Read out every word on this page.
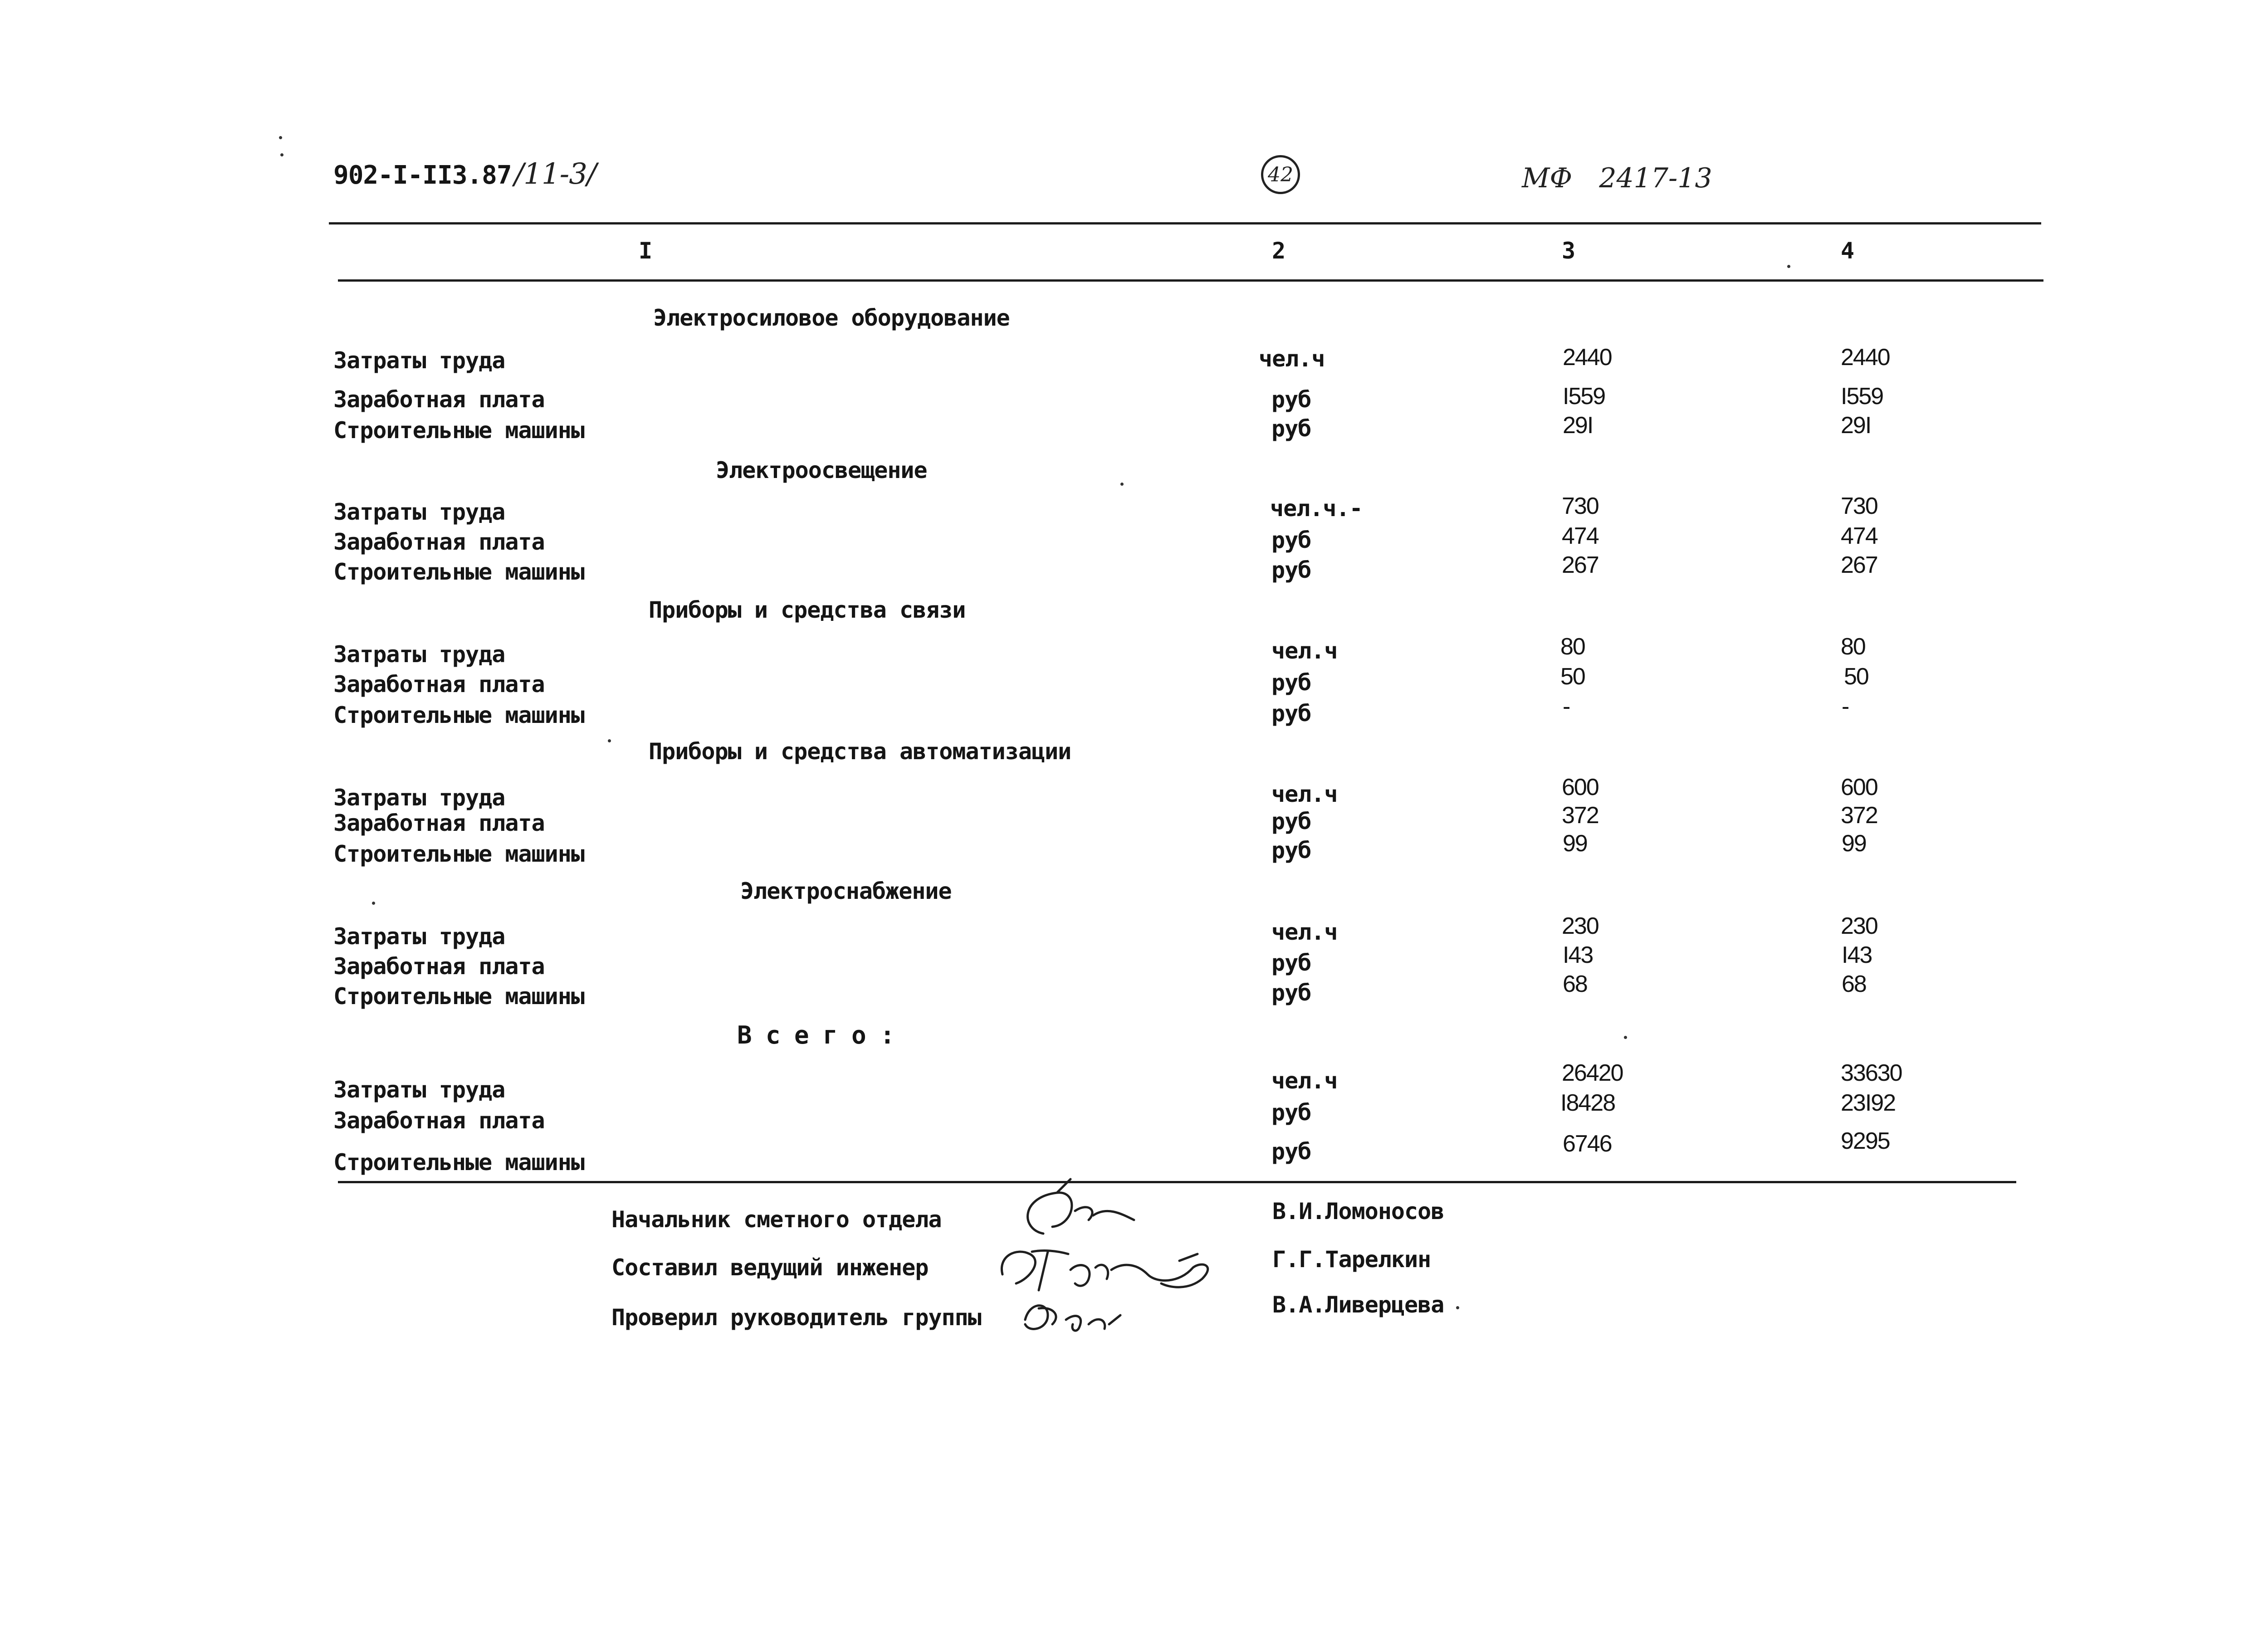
902-I-II3.87/11-3/	42	МФ 2417-13
I	2	3	4
Электросиловое оборудование
Затраты труда	чел.ч	2440	2440
Заработная плата	руб	I559	I559
Строительные машины	руб	29I	29I
Электроосвещение
Затраты труда	чел.ч.-	730	730
Заработная плата	руб	474	474
Строительные машины	руб	267	267
Приборы и средства связи
Затраты труда	чел.ч	80	80
Заработная плата	руб	50	50
Строительные машины	руб	-	-
Приборы и средства автоматизации
Затраты труда	чел.ч	600	600
Заработная плата	руб	372	372
Строительные машины	руб	99	99
Электроснабжение
Затраты труда	чел.ч	230	230
Заработная плата	руб	I43	I43
Строительные машины	руб	68	68
В с е г о :
Затраты труда	чел.ч	26420	33630
Заработная плата	руб	I8428	23I92
Строительные машины	руб	6746	9295
Начальник сметного отдела	В.И.Ломоносов
Составил ведущий инженер	Г.Г.Тарелкин
Проверил руководитель группы	В.А.Ливерцева
